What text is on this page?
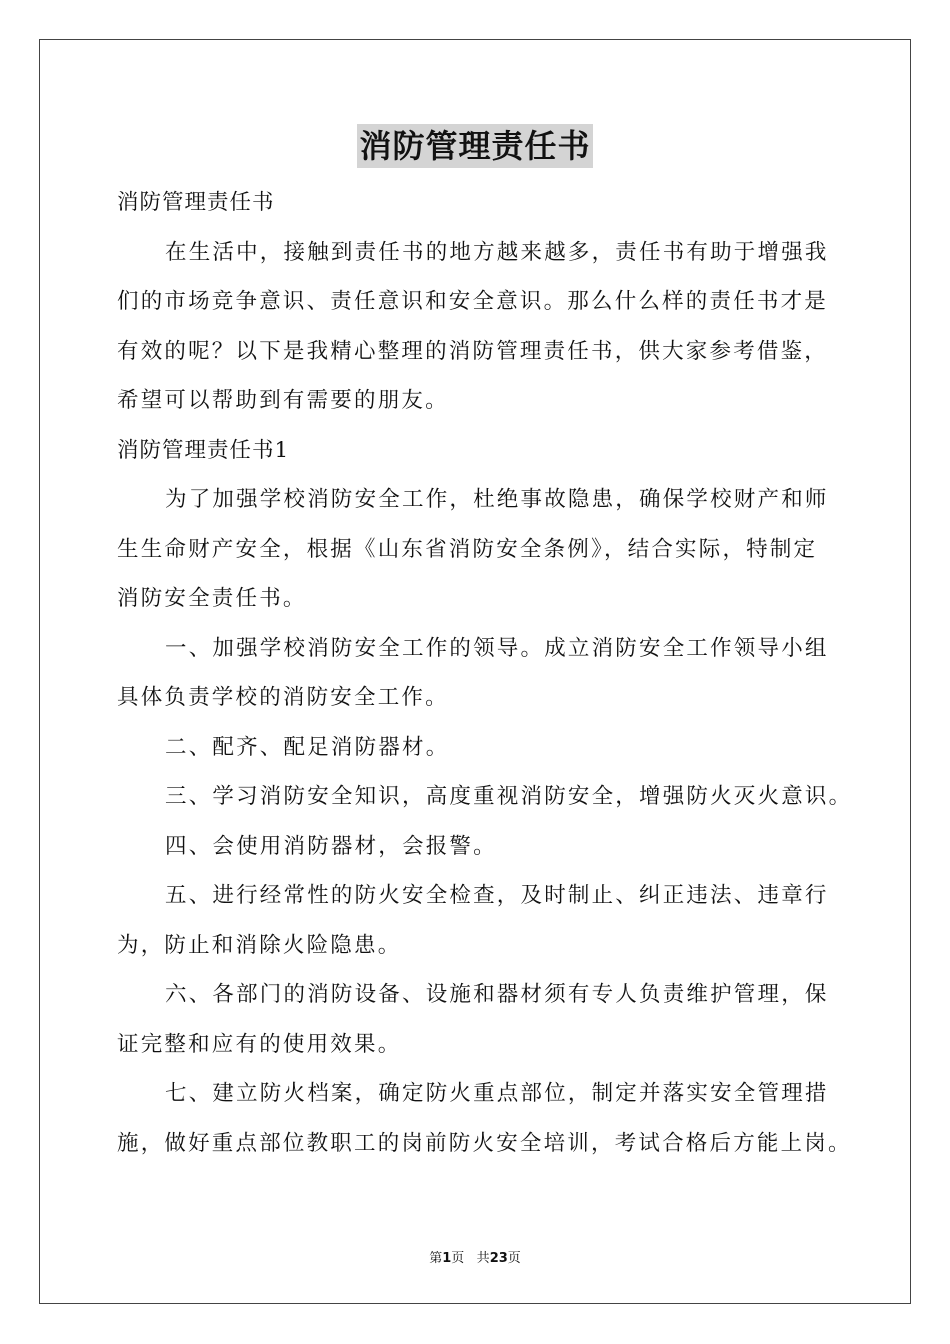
消防管理责任书
消防管理责任书
在生活中，接触到责任书的地方越来越多，责任书有助于增强我
们的市场竞争意识、责任意识和安全意识。那么什么样的责任书才是
有效的呢？以下是我精心整理的消防管理责任书，供大家参考借鉴，
希望可以帮助到有需要的朋友。
消防管理责任书1
为了加强学校消防安全工作，杜绝事故隐患，确保学校财产和师
生生命财产安全，根据《山东省消防安全条例》，结合实际，特制定
消防安全责任书。
一、加强学校消防安全工作的领导。成立消防安全工作领导小组
具体负责学校的消防安全工作。
二、配齐、配足消防器材。
三、学习消防安全知识，高度重视消防安全，增强防火灭火意识。
四、会使用消防器材，会报警。
五、进行经常性的防火安全检查，及时制止、纠正违法、违章行
为，防止和消除火险隐患。
六、各部门的消防设备、设施和器材须有专人负责维护管理，保
证完整和应有的使用效果。
七、建立防火档案，确定防火重点部位，制定并落实安全管理措
施，做好重点部位教职工的岗前防火安全培训，考试合格后方能上岗。
第1页 共23页
